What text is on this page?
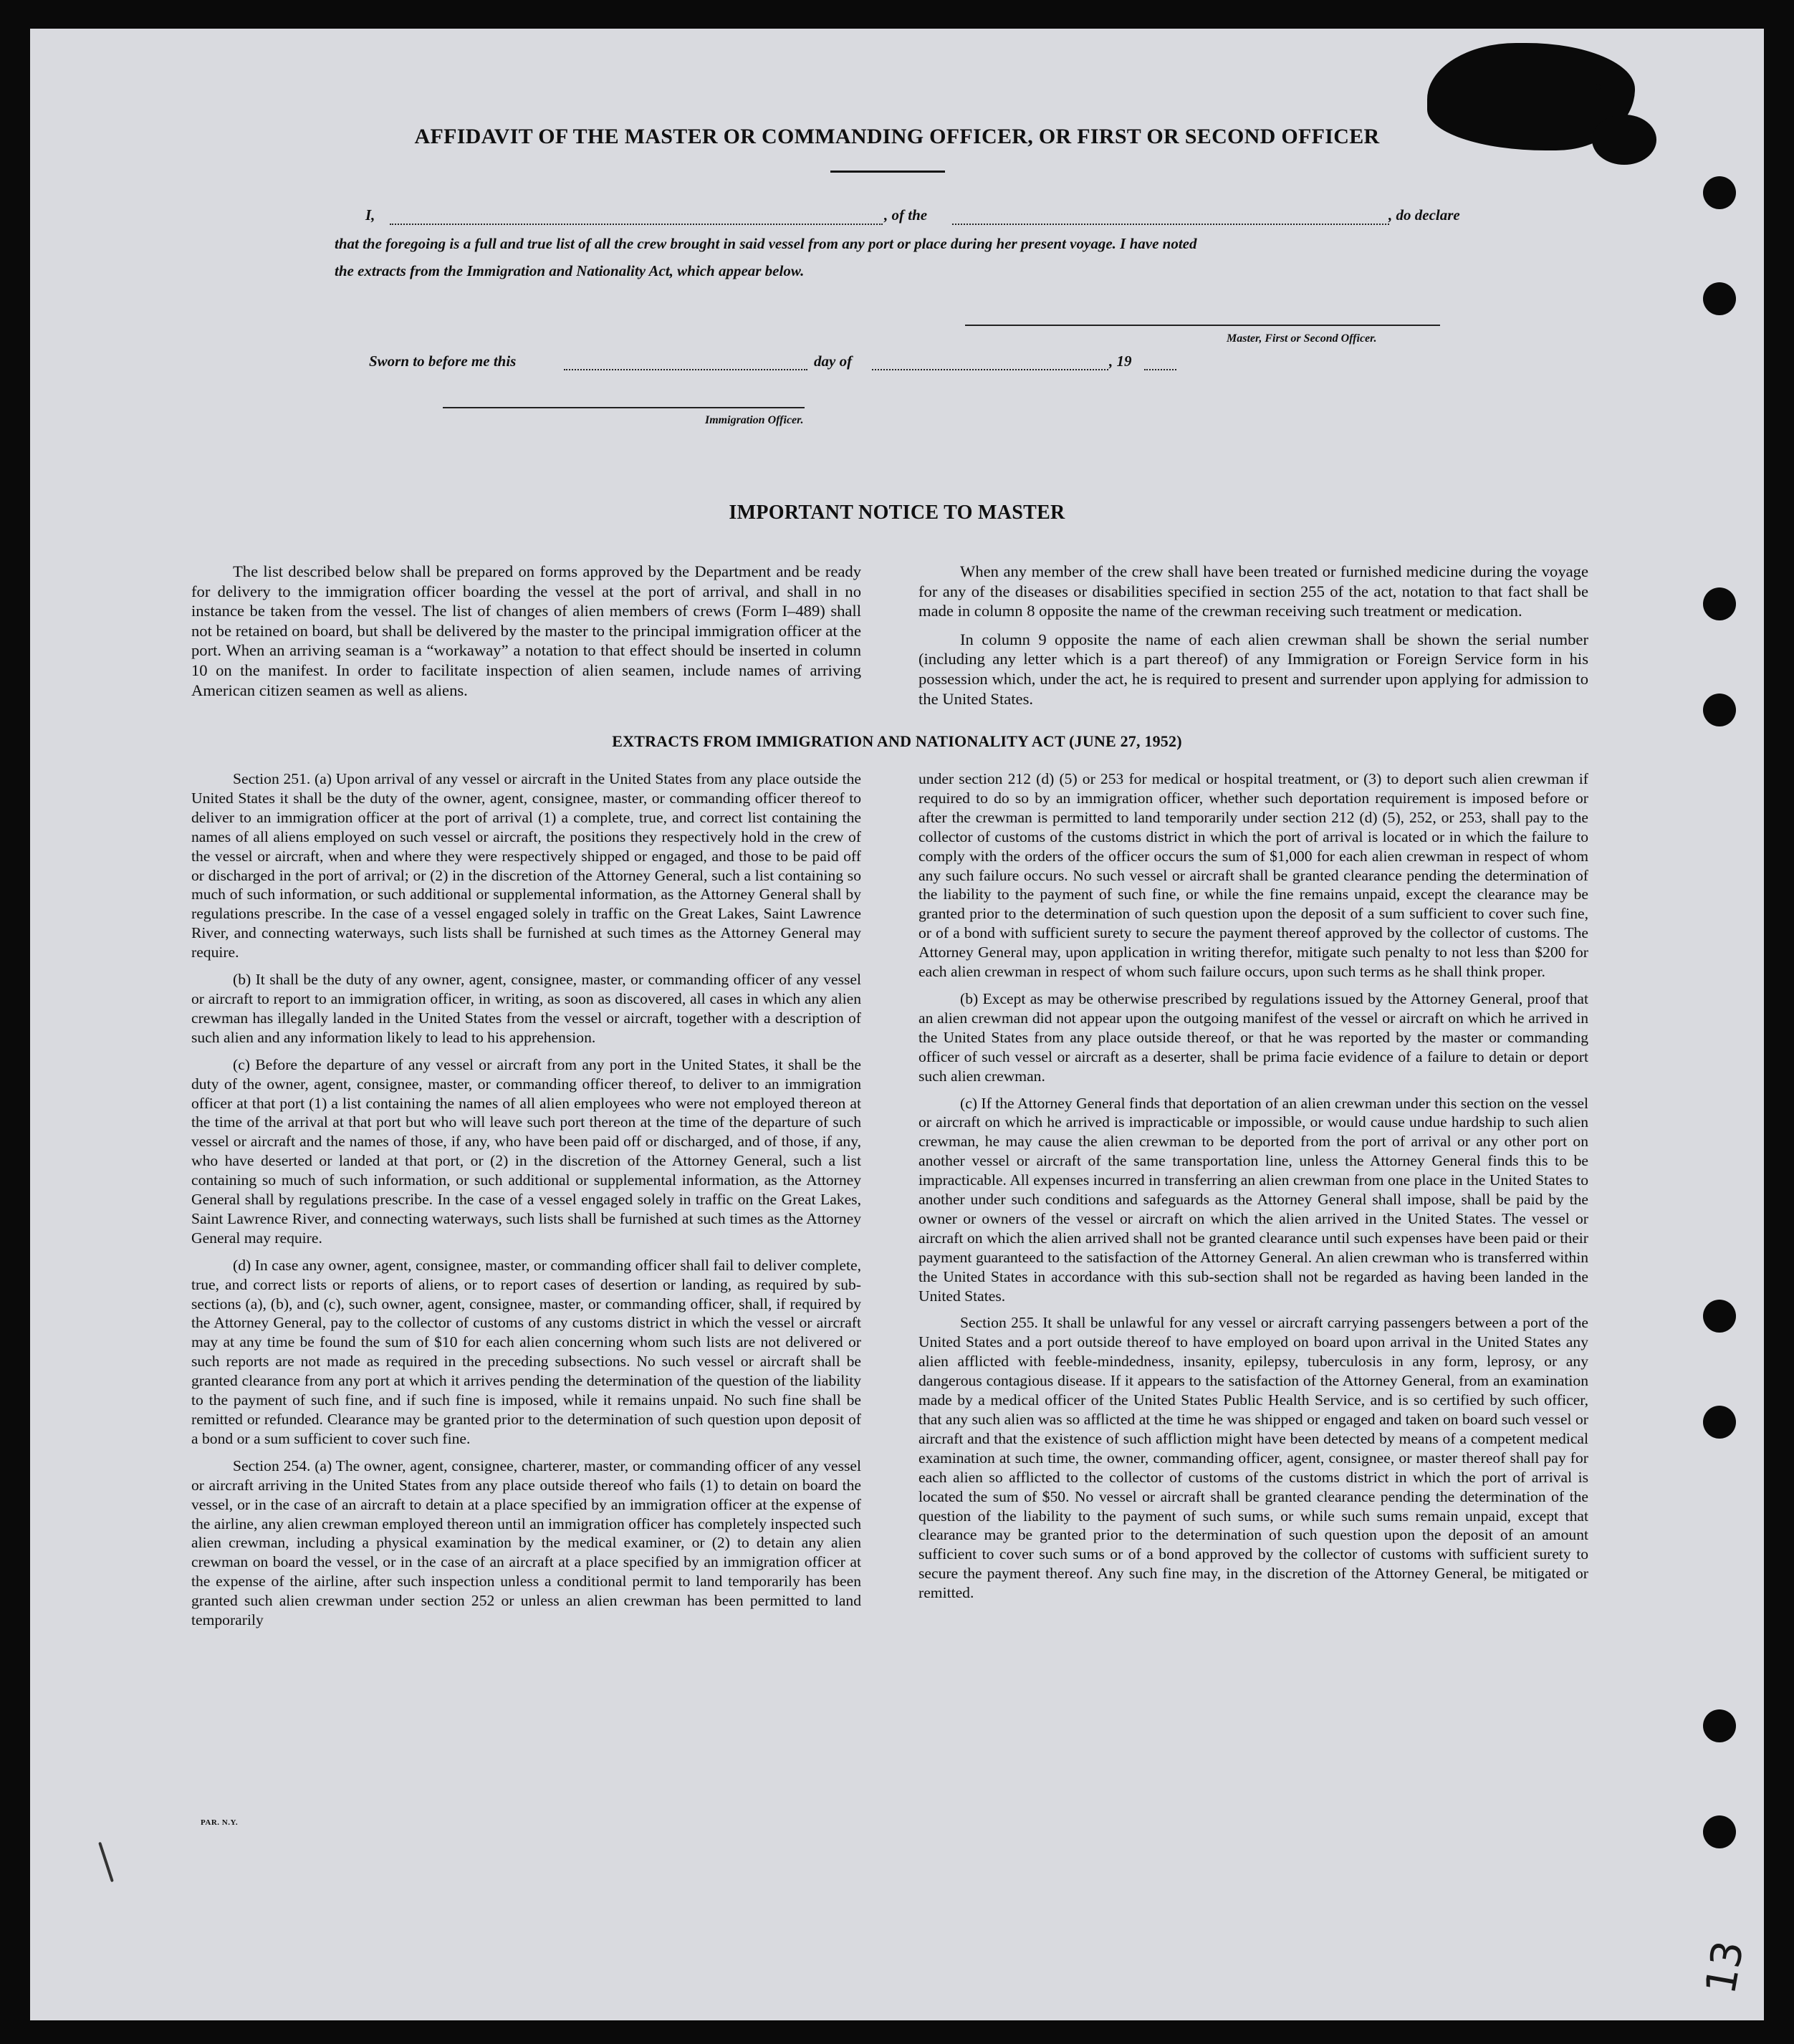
AFFIDAVIT OF THE MASTER OR COMMANDING OFFICER, OR FIRST OR SECOND OFFICER
I,	, of the	, do declare
that the foregoing is a full and true list of all the crew brought in said vessel from any port or place during her present voyage. I have noted
the extracts from the Immigration and Nationality Act, which appear below.
Master, First or Second Officer.
Sworn to before me this	day of	, 19
Immigration Officer.
IMPORTANT NOTICE TO MASTER

The list described below shall be prepared on forms approved by the Department and be ready for delivery to the immigration officer boarding the vessel at the port of arrival, and shall in no instance be taken from the vessel. The list of changes of alien members of crews (Form I–489) shall not be retained on board, but shall be delivered by the master to the principal immigration officer at the port. When an arriving seaman is a “workaway” a notation to that effect should be inserted in column 10 on the manifest. In order to facilitate inspection of alien seamen, include names of arriving American citizen seamen as well as aliens.

When any member of the crew shall have been treated or furnished medicine during the voyage for any of the diseases or disabilities specified in section 255 of the act, notation to that fact shall be made in column 8 opposite the name of the crewman receiving such treatment or medication.

In column 9 opposite the name of each alien crewman shall be shown the serial number (including any letter which is a part thereof) of any Immigration or Foreign Service form in his possession which, under the act, he is required to present and surrender upon applying for admission to the United States.

EXTRACTS FROM IMMIGRATION AND NATIONALITY ACT (JUNE 27, 1952)

Section 251. (a) Upon arrival of any vessel or aircraft in the United States from any place outside the United States it shall be the duty of the owner, agent, consignee, master, or commanding officer thereof to deliver to an immigration officer at the port of arrival (1) a complete, true, and correct list containing the names of all aliens employed on such vessel or aircraft, the positions they respectively hold in the crew of the vessel or aircraft, when and where they were respectively shipped or engaged, and those to be paid off or discharged in the port of arrival; or (2) in the discretion of the Attorney General, such a list containing so much of such information, or such additional or supplemental information, as the Attorney General shall by regulations prescribe. In the case of a vessel engaged solely in traffic on the Great Lakes, Saint Lawrence River, and connecting waterways, such lists shall be furnished at such times as the Attorney General may require.

(b) It shall be the duty of any owner, agent, consignee, master, or commanding officer of any vessel or aircraft to report to an immigration officer, in writing, as soon as discovered, all cases in which any alien crewman has illegally landed in the United States from the vessel or aircraft, together with a description of such alien and any information likely to lead to his apprehension.

(c) Before the departure of any vessel or aircraft from any port in the United States, it shall be the duty of the owner, agent, consignee, master, or commanding officer thereof, to deliver to an immigration officer at that port (1) a list containing the names of all alien employees who were not employed thereon at the time of the arrival at that port but who will leave such port thereon at the time of the departure of such vessel or aircraft and the names of those, if any, who have been paid off or discharged, and of those, if any, who have deserted or landed at that port, or (2) in the discretion of the Attorney General, such a list containing so much of such information, or such additional or supplemental information, as the Attorney General shall by regulations prescribe. In the case of a vessel engaged solely in traffic on the Great Lakes, Saint Lawrence River, and connecting waterways, such lists shall be furnished at such times as the Attorney General may require.

(d) In case any owner, agent, consignee, master, or commanding officer shall fail to deliver complete, true, and correct lists or reports of aliens, or to report cases of desertion or landing, as required by sub-sections (a), (b), and (c), such owner, agent, consignee, master, or commanding officer, shall, if required by the Attorney General, pay to the collector of customs of any customs district in which the vessel or aircraft may at any time be found the sum of $10 for each alien concerning whom such lists are not delivered or such reports are not made as required in the preceding subsections. No such vessel or aircraft shall be granted clearance from any port at which it arrives pending the determination of the question of the liability to the payment of such fine, and if such fine is imposed, while it remains unpaid. No such fine shall be remitted or refunded. Clearance may be granted prior to the determination of such question upon deposit of a bond or a sum sufficient to cover such fine.

Section 254. (a) The owner, agent, consignee, charterer, master, or commanding officer of any vessel or aircraft arriving in the United States from any place outside thereof who fails (1) to detain on board the vessel, or in the case of an aircraft to detain at a place specified by an immigration officer at the expense of the airline, any alien crewman employed thereon until an immigration officer has completely inspected such alien crewman, including a physical examination by the medical examiner, or (2) to detain any alien crewman on board the vessel, or in the case of an aircraft at a place specified by an immigration officer at the expense of the airline, after such inspection unless a conditional permit to land temporarily has been granted such alien crewman under section 252 or unless an alien crewman has been permitted to land temporarily

under section 212 (d) (5) or 253 for medical or hospital treatment, or (3) to deport such alien crewman if required to do so by an immigration officer, whether such deportation requirement is imposed before or after the crewman is permitted to land temporarily under section 212 (d) (5), 252, or 253, shall pay to the collector of customs of the customs district in which the port of arrival is located or in which the failure to comply with the orders of the officer occurs the sum of $1,000 for each alien crewman in respect of whom any such failure occurs. No such vessel or aircraft shall be granted clearance pending the determination of the liability to the payment of such fine, or while the fine remains unpaid, except the clearance may be granted prior to the determination of such question upon the deposit of a sum sufficient to cover such fine, or of a bond with sufficient surety to secure the payment thereof approved by the collector of customs. The Attorney General may, upon application in writing therefor, mitigate such penalty to not less than $200 for each alien crewman in respect of whom such failure occurs, upon such terms as he shall think proper.

(b) Except as may be otherwise prescribed by regulations issued by the Attorney General, proof that an alien crewman did not appear upon the outgoing manifest of the vessel or aircraft on which he arrived in the United States from any place outside thereof, or that he was reported by the master or commanding officer of such vessel or aircraft as a deserter, shall be prima facie evidence of a failure to detain or deport such alien crewman.

(c) If the Attorney General finds that deportation of an alien crewman under this section on the vessel or aircraft on which he arrived is impracticable or impossible, or would cause undue hardship to such alien crewman, he may cause the alien crewman to be deported from the port of arrival or any other port on another vessel or aircraft of the same transportation line, unless the Attorney General finds this to be impracticable. All expenses incurred in transferring an alien crewman from one place in the United States to another under such conditions and safeguards as the Attorney General shall impose, shall be paid by the owner or owners of the vessel or aircraft on which the alien arrived in the United States. The vessel or aircraft on which the alien arrived shall not be granted clearance until such expenses have been paid or their payment guaranteed to the satisfaction of the Attorney General. An alien crewman who is transferred within the United States in accordance with this sub-section shall not be regarded as having been landed in the United States.

Section 255. It shall be unlawful for any vessel or aircraft carrying passengers between a port of the United States and a port outside thereof to have employed on board upon arrival in the United States any alien afflicted with feeble-mindedness, insanity, epilepsy, tuberculosis in any form, leprosy, or any dangerous contagious disease. If it appears to the satisfaction of the Attorney General, from an examination made by a medical officer of the United States Public Health Service, and is so certified by such officer, that any such alien was so afflicted at the time he was shipped or engaged and taken on board such vessel or aircraft and that the existence of such affliction might have been detected by means of a competent medical examination at such time, the owner, commanding officer, agent, consignee, or master thereof shall pay for each alien so afflicted to the collector of customs of the customs district in which the port of arrival is located the sum of $50. No vessel or aircraft shall be granted clearance pending the determination of the question of the liability to the payment of such sums, or while such sums remain unpaid, except that clearance may be granted prior to the determination of such question upon the deposit of an amount sufficient to cover such sums or of a bond approved by the collector of customs with sufficient surety to secure the payment thereof. Any such fine may, in the discretion of the Attorney General, be mitigated or remitted.

PAR. N.Y.
13
